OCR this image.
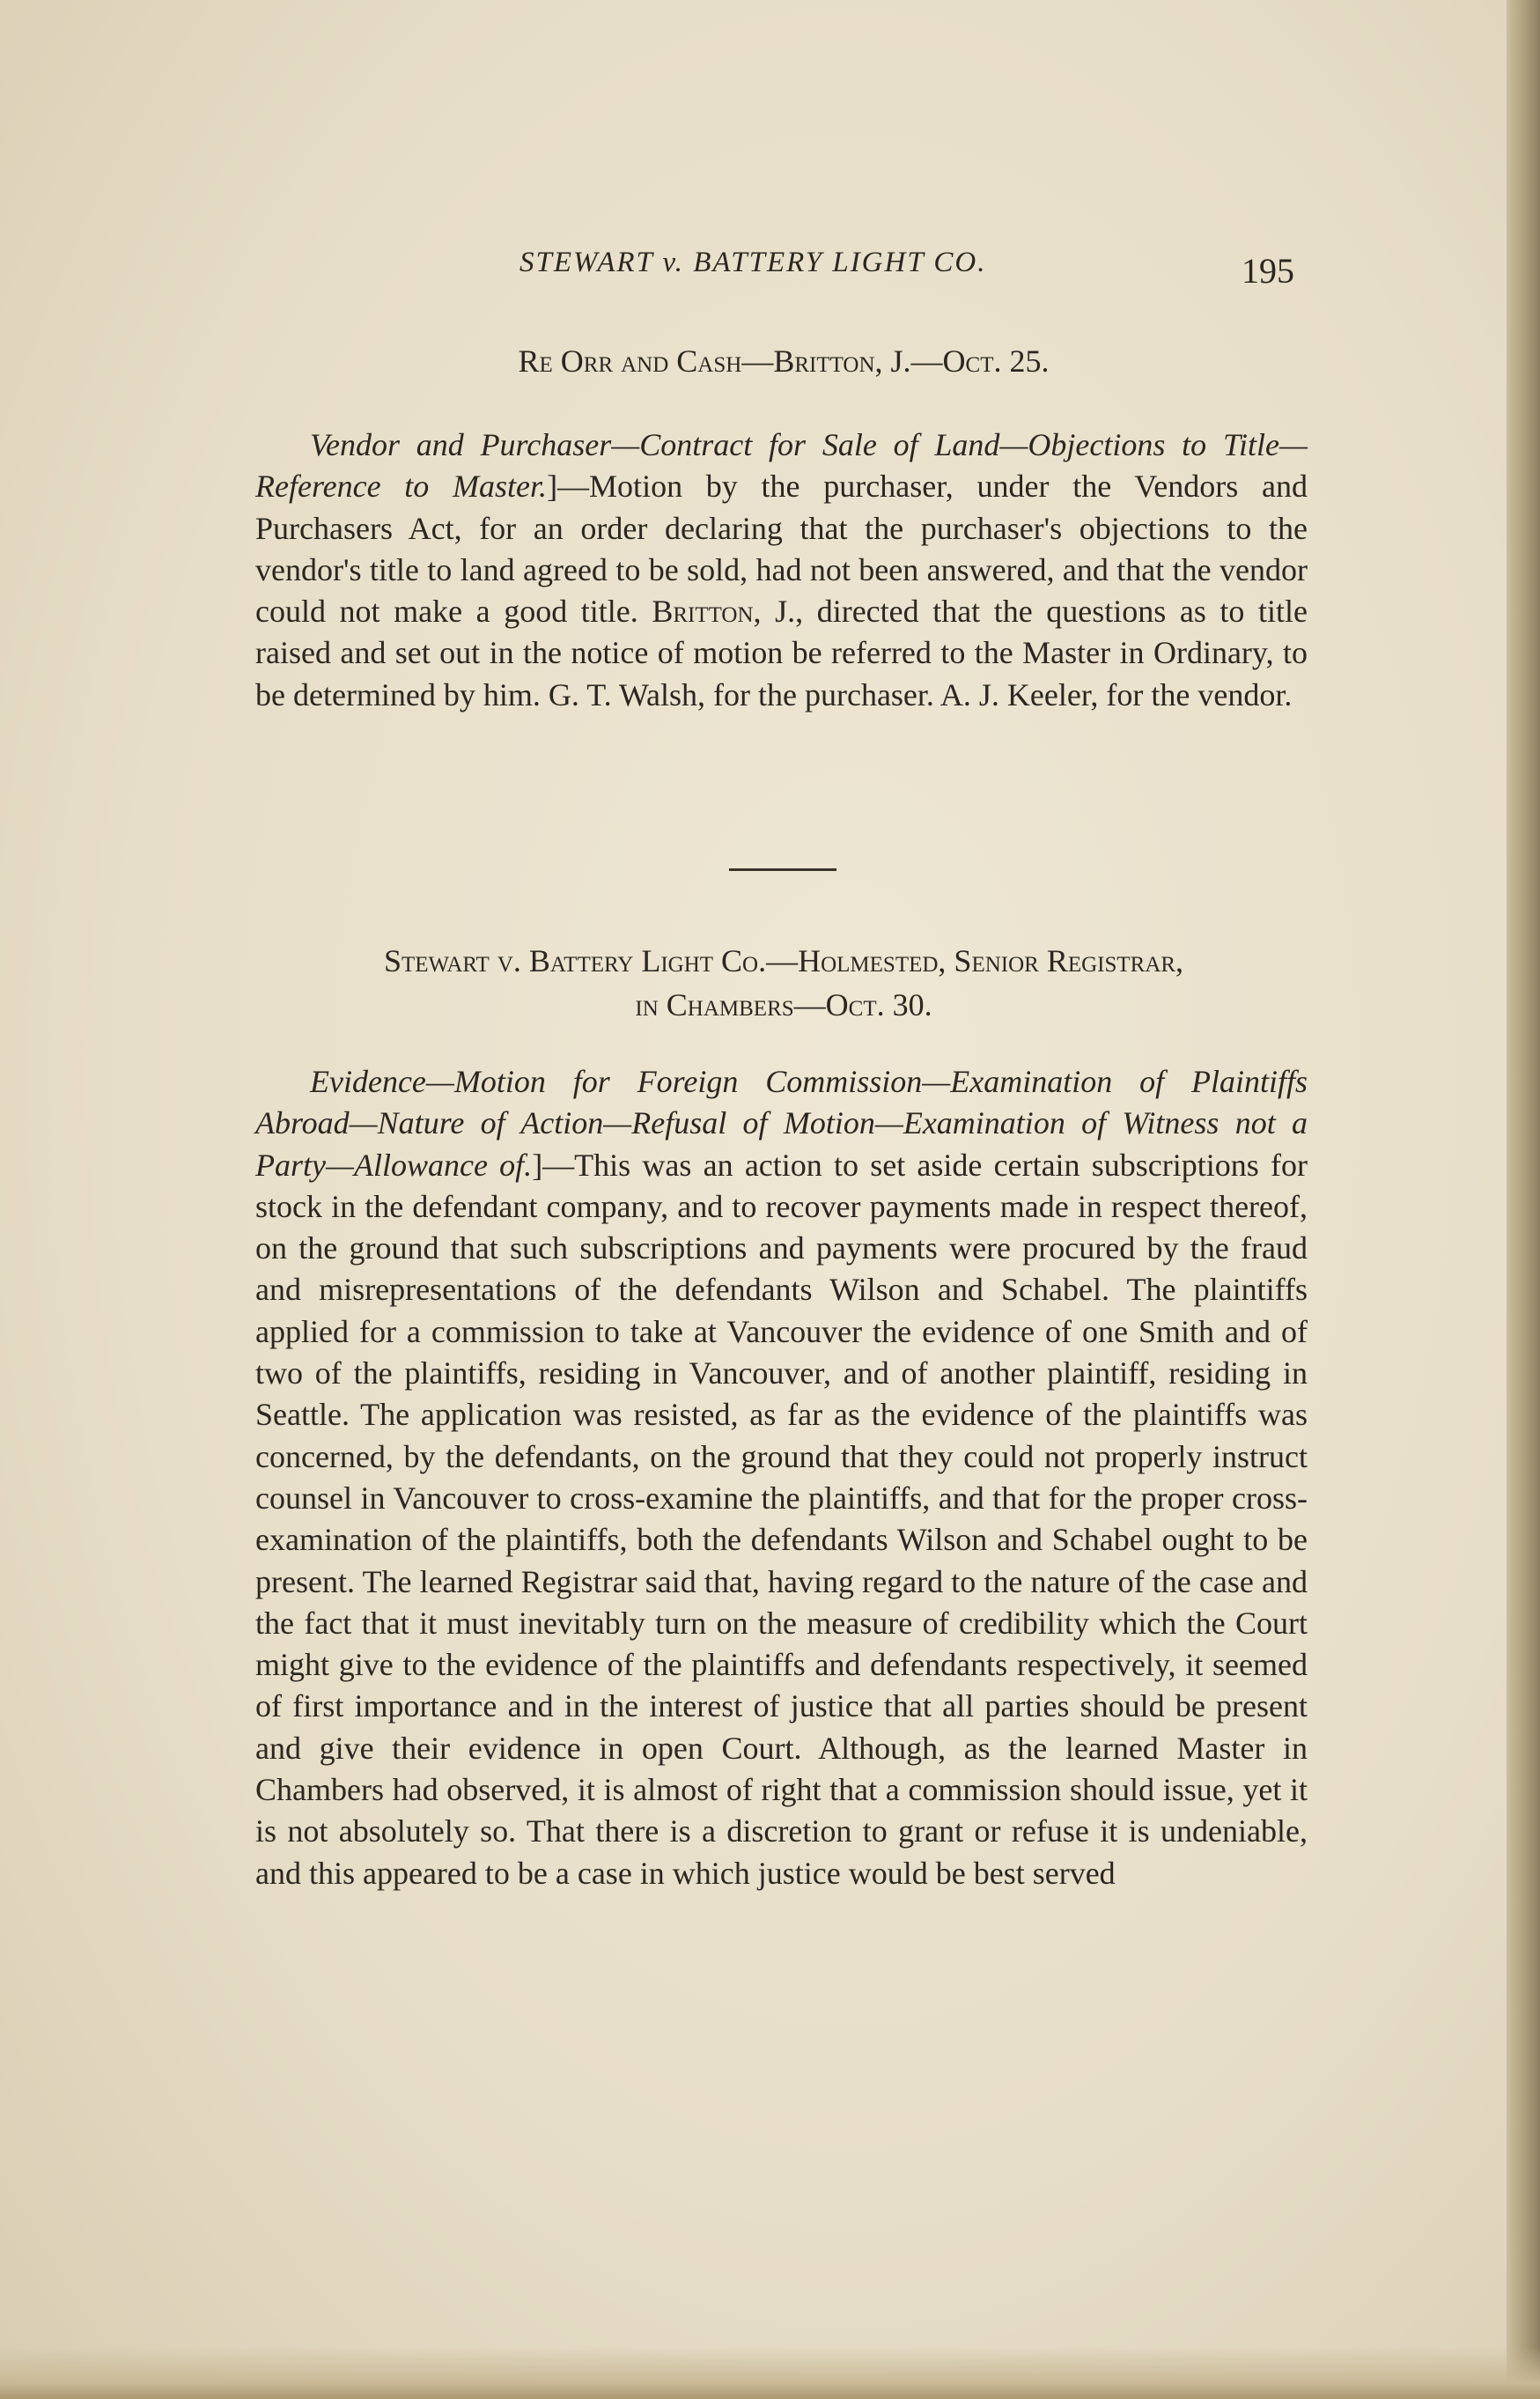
STEWART v. BATTERY LIGHT CO.	195
Re Orr and Cash—Britton, J.—Oct. 25.

Vendor and Purchaser—Contract for Sale of Land—Objections to Title—Reference to Master.]—Motion by the purchaser, under the Vendors and Purchasers Act, for an order declaring that the purchaser's objections to the vendor's title to land agreed to be sold, had not been answered, and that the vendor could not make a good title. Britton, J., directed that the questions as to title raised and set out in the notice of motion be referred to the Master in Ordinary, to be determined by him. G. T. Walsh, for the purchaser. A. J. Keeler, for the vendor.

Stewart v. Battery Light Co.—Holmested, Senior Registrar,
in Chambers—Oct. 30.

Evidence—Motion for Foreign Commission—Examination of Plaintiffs Abroad—Nature of Action—Refusal of Motion—Examination of Witness not a Party—Allowance of.]—This was an action to set aside certain subscriptions for stock in the defendant company, and to recover payments made in respect thereof, on the ground that such subscriptions and payments were procured by the fraud and misrepresentations of the defendants Wilson and Schabel. The plaintiffs applied for a commission to take at Vancouver the evidence of one Smith and of two of the plaintiffs, residing in Vancouver, and of another plaintiff, residing in Seattle. The application was resisted, as far as the evidence of the plaintiffs was concerned, by the defendants, on the ground that they could not properly instruct counsel in Vancouver to cross-examine the plaintiffs, and that for the proper cross-examination of the plaintiffs, both the defendants Wilson and Schabel ought to be present. The learned Registrar said that, having regard to the nature of the case and the fact that it must inevitably turn on the measure of credibility which the Court might give to the evidence of the plaintiffs and defendants respectively, it seemed of first importance and in the interest of justice that all parties should be present and give their evidence in open Court. Although, as the learned Master in Chambers had observed, it is almost of right that a commission should issue, yet it is not absolutely so. That there is a discretion to grant or refuse it is undeniable, and this appeared to be a case in which justice would be best served
